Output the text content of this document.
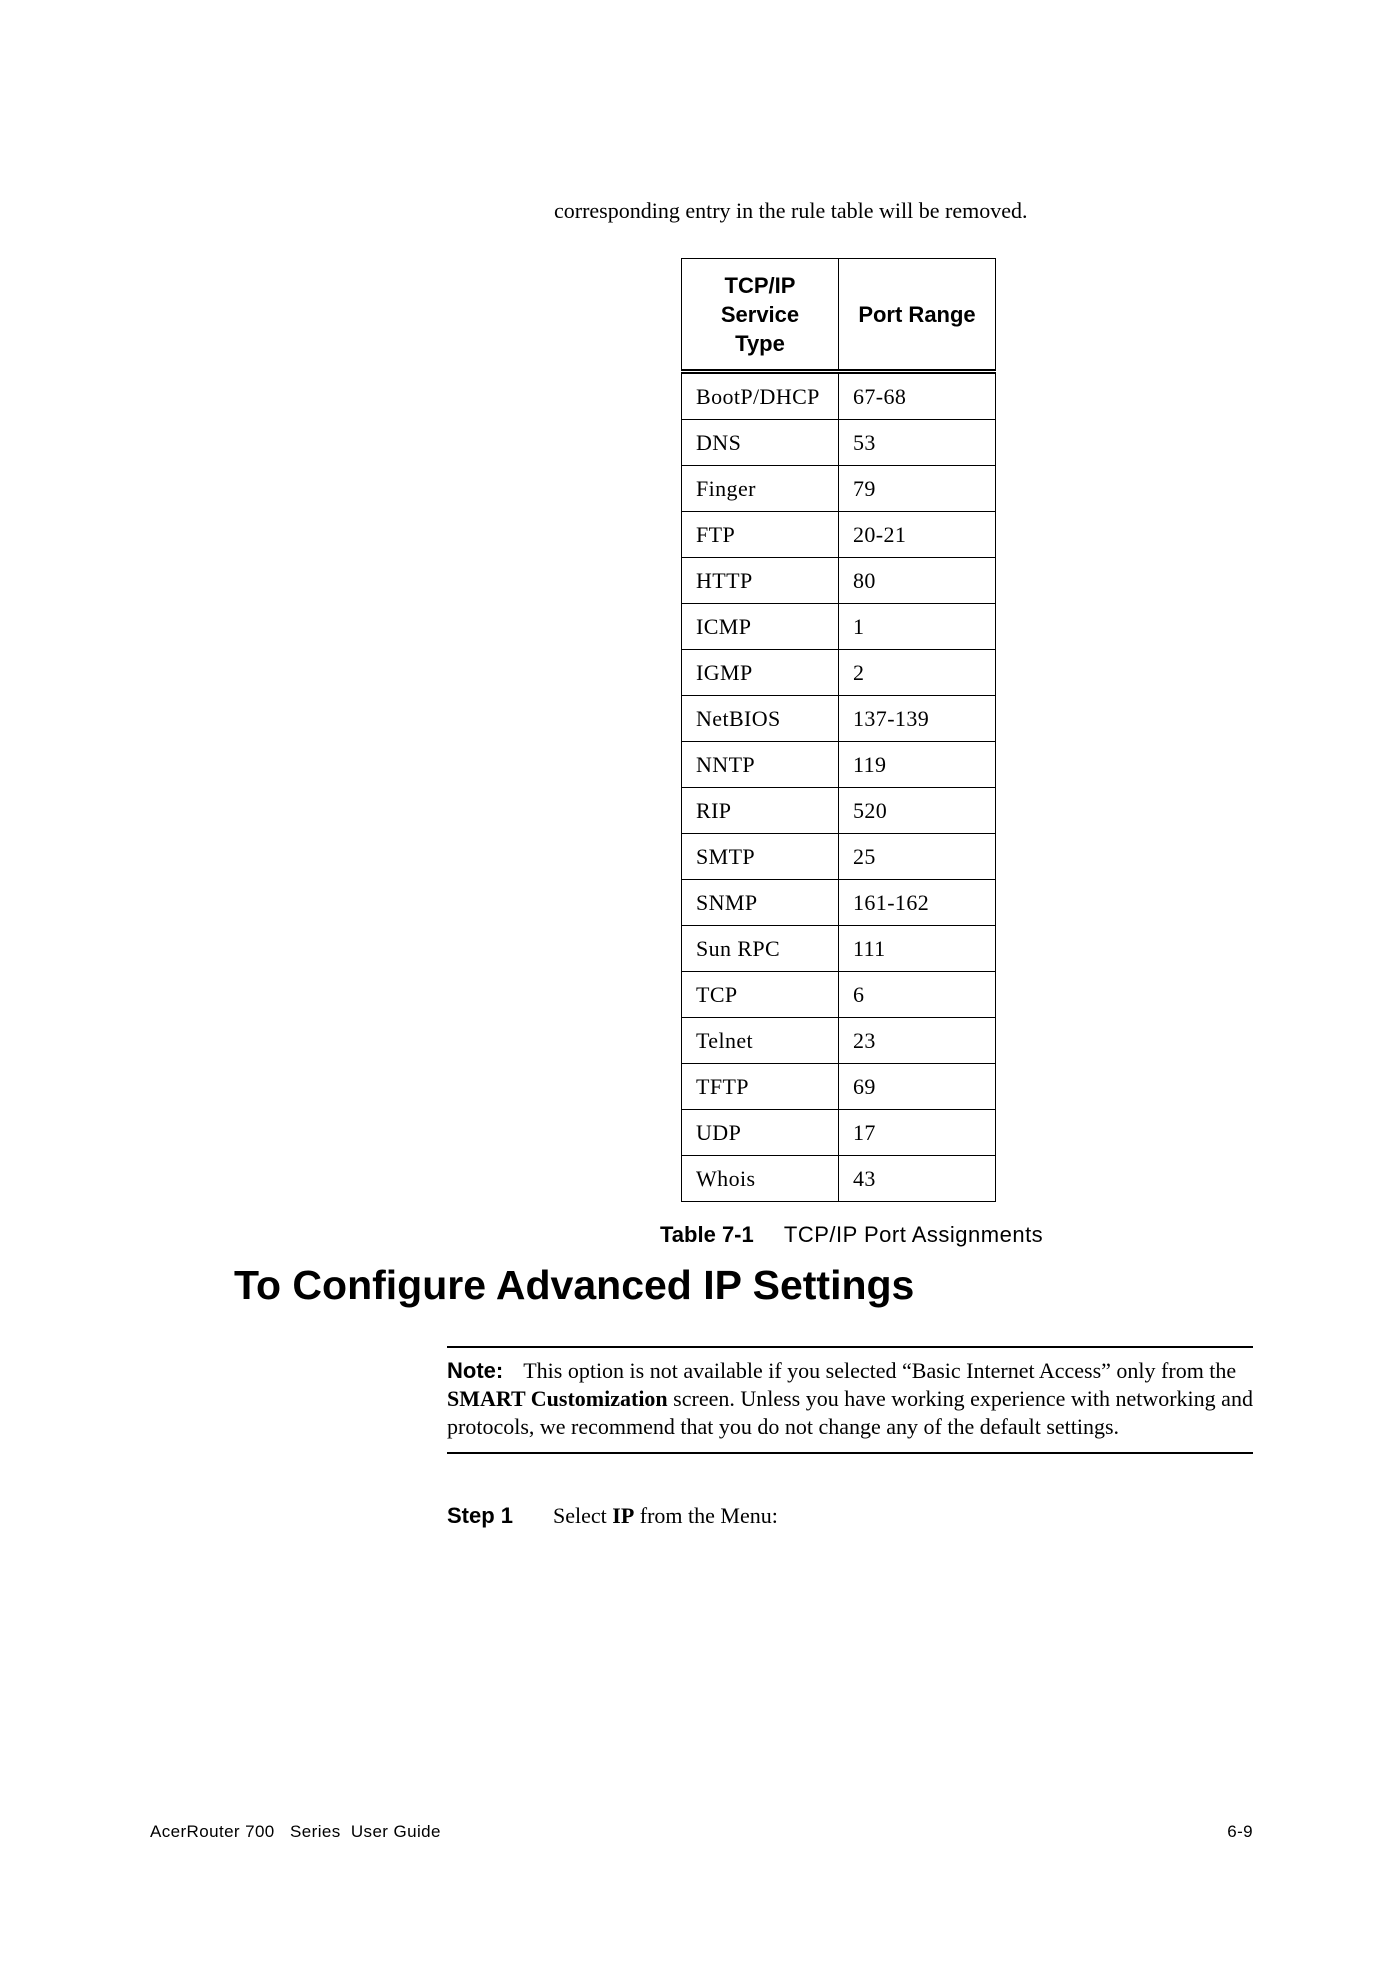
corresponding entry in the rule table will be removed.
TCP/IP Service Type	Port Range
BootP/DHCP	67-68
DNS	53
Finger	79
FTP	20-21
HTTP	80
ICMP	1
IGMP	2
NetBIOS	137-139
NNTP	119
RIP	520
SMTP	25
SNMP	161-162
Sun RPC	111
TCP	6
Telnet	23
TFTP	69
UDP	17
Whois	43
Table 7-1 TCP/IP Port Assignments
To Configure Advanced IP Settings
Note: This option is not available if you selected “Basic Internet Access” only from the SMART Customization screen. Unless you have working experience with networking and protocols, we recommend that you do not change any of the default settings.
Step 1 Select IP from the Menu:
AcerRouter 700   Series  User Guide	6-9
